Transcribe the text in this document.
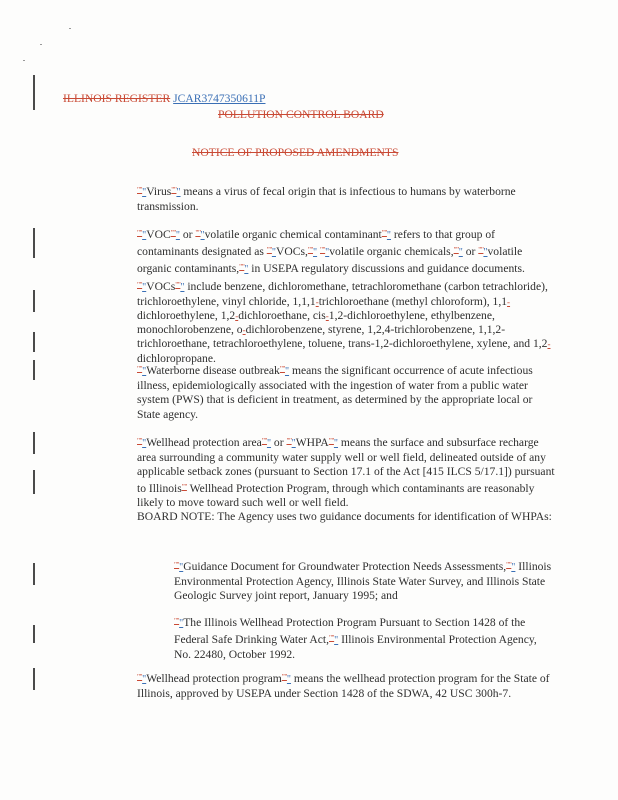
ILLINOIS REGISTER JCAR3747350611P
POLLUTION CONTROL BOARD
NOTICE OF PROPOSED AMENDMENTS
"""Virus""" means a virus of fecal origin that is infectious to humans by waterborne transmission.
"""VOC""" or """volatile organic chemical contaminant""" refers to that group of contaminants designated as """VOCs,""" """volatile organic chemicals,""" or """volatile organic contaminants,""" in USEPA regulatory discussions and guidance documents. """VOCs""" include benzene, dichloromethane, tetrachloromethane (carbon tetrachloride), trichloroethylene, vinyl chloride, 1,1,1-trichloroethane (methyl chloroform), 1,1-dichloroethylene, 1,2-dichloroethane, cis-1,2-dichloroethylene, ethylbenzene, monochlorobenzene, o-dichlorobenzene, styrene, 1,2,4-trichlorobenzene, 1,1,2-trichloroethane, tetrachloroethylene, toluene, trans-1,2-dichloroethylene, xylene, and 1,2-dichloropropane.
"""Waterborne disease outbreak""" means the significant occurrence of acute infectious illness, epidemiologically associated with the ingestion of water from a public water system (PWS) that is deficient in treatment, as determined by the appropriate local or State agency.
"""Wellhead protection area""" or """WHPA""" means the surface and subsurface recharge area surrounding a community water supply well or well field, delineated outside of any applicable setback zones (pursuant to Section 17.1 of the Act [415 ILCS 5/17.1]) pursuant to Illinois"" Wellhead Protection Program, through which contaminants are reasonably likely to move toward such well or well field.
BOARD NOTE: The Agency uses two guidance documents for identification of WHPAs:
"""Guidance Document for Groundwater Protection Needs Assessments,""" Illinois Environmental Protection Agency, Illinois State Water Survey, and Illinois State Geologic Survey joint report, January 1995; and
"""The Illinois Wellhead Protection Program Pursuant to Section 1428 of the Federal Safe Drinking Water Act,""" Illinois Environmental Protection Agency, No. 22480, October 1992.
"""Wellhead protection program""" means the wellhead protection program for the State of Illinois, approved by USEPA under Section 1428 of the SDWA, 42 USC 300h-7.
